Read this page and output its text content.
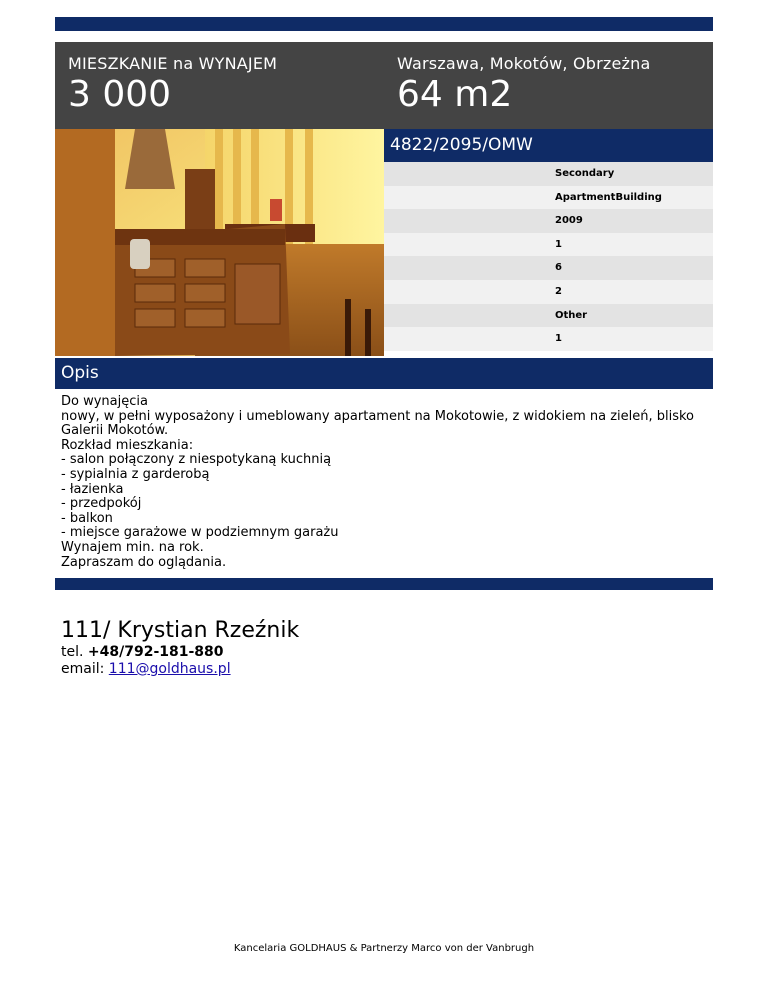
MIESZKANIE na WYNAJEM
3 000
Warszawa, Mokotów, Obrzeżna
64 m2
4822/2095/OMW
Secondary
ApartmentBuilding
2009
1
6
2
Other
1
Opis
Do wynajęcia
nowy, w pełni wyposażony i umeblowany apartament na Mokotowie, z widokiem na zieleń, blisko
Galerii Mokotów.
Rozkład mieszkania:
- salon połączony z niespotykaną kuchnią
- sypialnia z garderobą
- łazienka
- przedpokój
- balkon
- miejsce garażowe w podziemnym garażu
Wynajem min. na rok.
Zapraszam do oglądania.
111/ Krystian Rzeźnik
tel. +48/792-181-880
email: 111@goldhaus.pl
Kancelaria GOLDHAUS & Partnerzy Marco von der Vanbrugh
